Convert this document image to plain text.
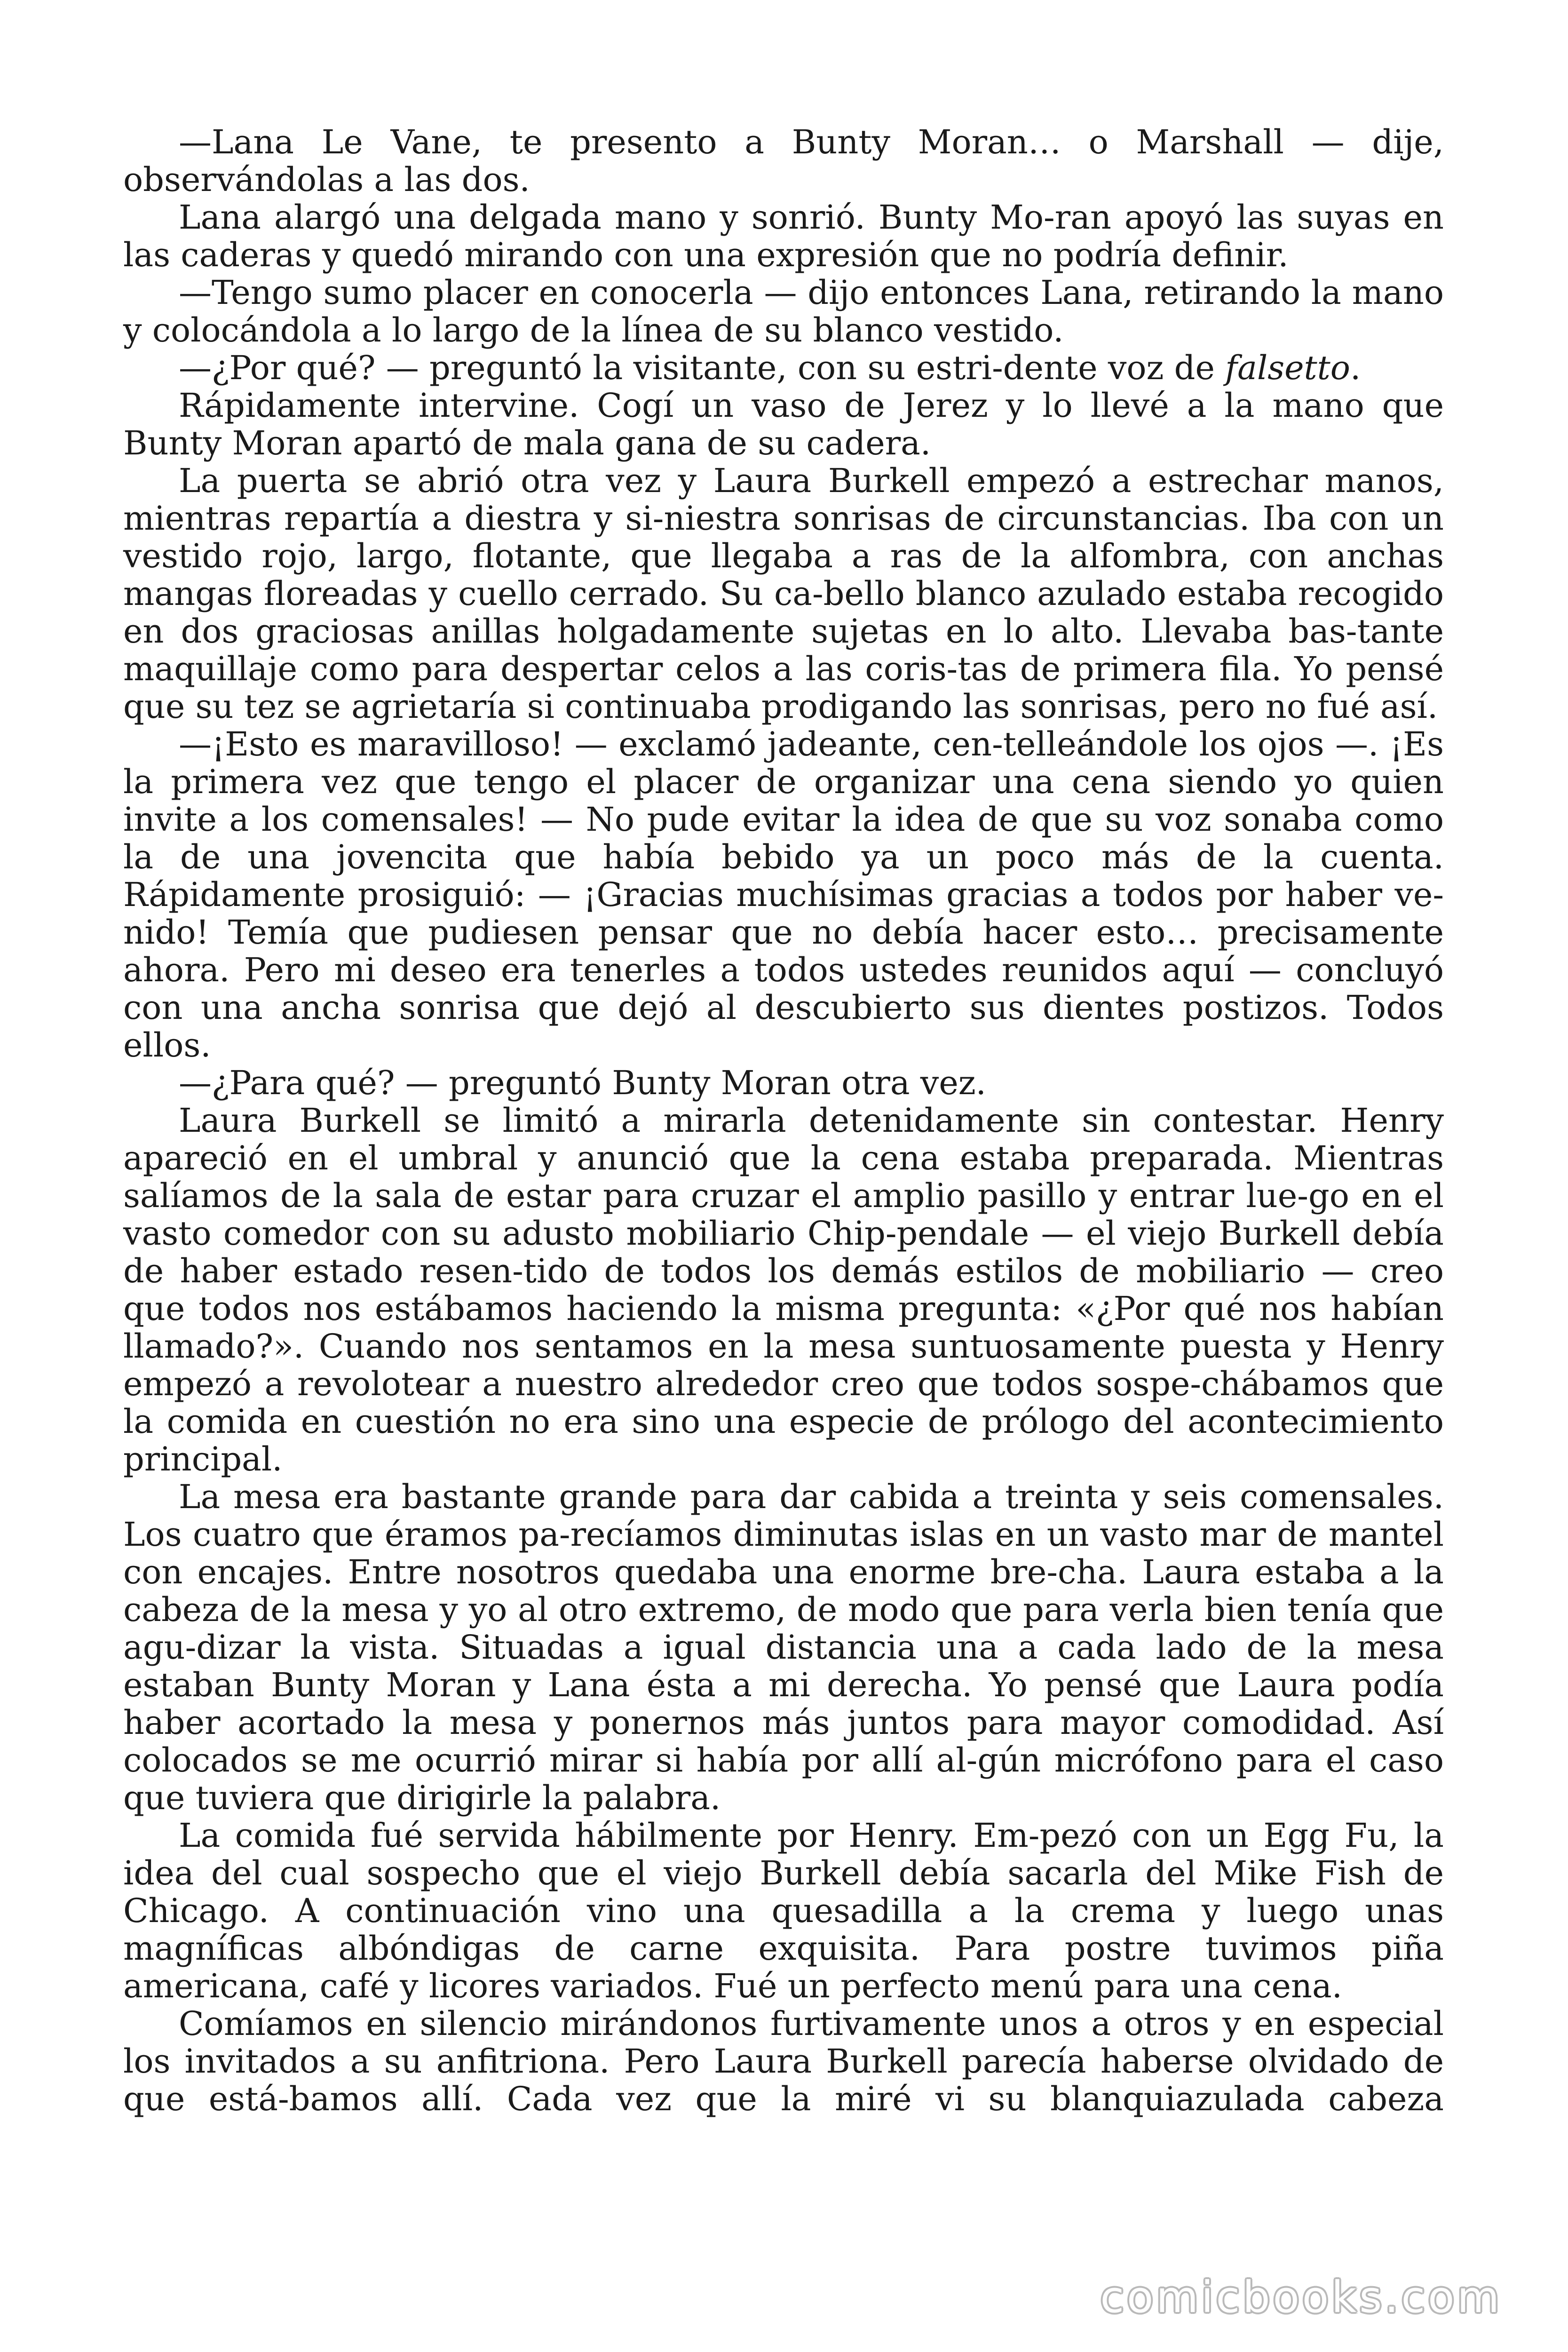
—Lana Le Vane, te presento a Bunty Moran… o Marshall — dije, observándolas a las dos.

Lana alargó una delgada mano y sonrió. Bunty Mo-ran apoyó las suyas en las caderas y quedó mirando con una expresión que no podría definir.

—Tengo sumo placer en conocerla — dijo entonces Lana, retirando la mano y colocándola a lo largo de la línea de su blanco vestido.

—¿Por qué? — preguntó la visitante, con su estri-dente voz de falsetto.

Rápidamente intervine. Cogí un vaso de Jerez y lo llevé a la mano que Bunty Moran apartó de mala gana de su cadera.

La puerta se abrió otra vez y Laura Burkell empezó a estrechar manos, mientras repartía a diestra y si-niestra sonrisas de circunstancias. Iba con un vestido rojo, largo, flotante, que llegaba a ras de la alfombra, con anchas mangas floreadas y cuello cerrado. Su ca-bello blanco azulado estaba recogido en dos graciosas anillas holgadamente sujetas en lo alto. Llevaba bas-tante maquillaje como para despertar celos a las coris-tas de primera fila. Yo pensé que su tez se agrietaría si continuaba prodigando las sonrisas, pero no fué así.

—¡Esto es maravilloso! — exclamó jadeante, cen-telleándole los ojos —. ¡Es la primera vez que tengo el placer de organizar una cena siendo yo quien invite a los comensales! — No pude evitar la idea de que su voz sonaba como la de una jovencita que había bebido ya un poco más de la cuenta. Rápidamente prosiguió: — ¡Gracias muchísimas gracias a todos por haber ve-nido! Temía que pudiesen pensar que no debía hacer esto… precisamente ahora. Pero mi deseo era tenerles a todos ustedes reunidos aquí — concluyó con una ancha sonrisa que dejó al descubierto sus dientes postizos. Todos ellos.

—¿Para qué? — preguntó Bunty Moran otra vez.

Laura Burkell se limitó a mirarla detenidamente sin contestar. Henry apareció en el umbral y anunció que la cena estaba preparada. Mientras salíamos de la sala de estar para cruzar el amplio pasillo y entrar lue-go en el vasto comedor con su adusto mobiliario Chip-pendale — el viejo Burkell debía de haber estado resen-tido de todos los demás estilos de mobiliario — creo que todos nos estábamos haciendo la misma pregunta: «¿Por qué nos habían llamado?». Cuando nos sentamos en la mesa suntuosamente puesta y Henry empezó a revolotear a nuestro alrededor creo que todos sospe-chábamos que la comida en cuestión no era sino una especie de prólogo del acontecimiento principal.

La mesa era bastante grande para dar cabida a treinta y seis comensales. Los cuatro que éramos pa-recíamos diminutas islas en un vasto mar de mantel con encajes. Entre nosotros quedaba una enorme bre-cha. Laura estaba a la cabeza de la mesa y yo al otro extremo, de modo que para verla bien tenía que agu-dizar la vista. Situadas a igual distancia una a cada lado de la mesa estaban Bunty Moran y Lana ésta a mi derecha. Yo pensé que Laura podía haber acortado la mesa y ponernos más juntos para mayor comodidad. Así colocados se me ocurrió mirar si había por allí al-gún micrófono para el caso que tuviera que dirigirle la palabra.

La comida fué servida hábilmente por Henry. Em-pezó con un Egg Fu, la idea del cual sospecho que el viejo Burkell debía sacarla del Mike Fish de Chicago. A continuación vino una quesadilla a la crema y luego unas magníficas albóndigas de carne exquisita. Para postre tuvimos piña americana, café y licores variados. Fué un perfecto menú para una cena.

Comíamos en silencio mirándonos furtivamente unos a otros y en especial los invitados a su anfitriona. Pero Laura Burkell parecía haberse olvidado de que está-bamos allí. Cada vez que la miré vi su blanquiazulada cabeza

comicbooks.com
